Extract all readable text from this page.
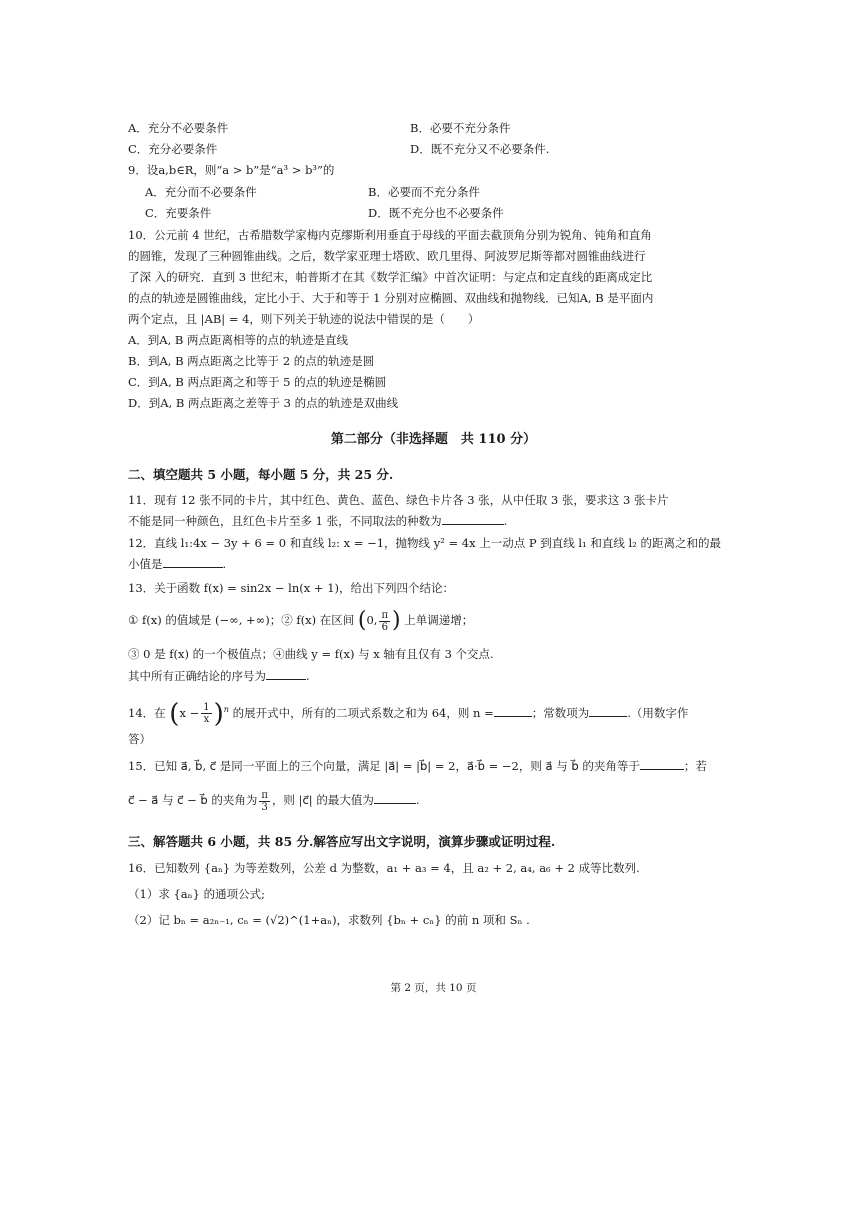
A．充分不必要条件	B．必要不充分条件
C．充分必要条件	D．既不充分又不必要条件.
9．设a,b∈R，则“a > b”是“a³ > b³”的
A．充分而不必要条件	B．必要而不充分条件
C．充要条件	D．既不充分也不必要条件
10．公元前 4 世纪，古希腊数学家梅内克缪斯利用垂直于母线的平面去截顶角分别为锐角、钝角和直角
的圆锥，发现了三种圆锥曲线。之后，数学家亚理士塔欧、欧几里得、阿波罗尼斯等都对圆锥曲线进行
了深 入的研究．直到 3 世纪末，帕普斯才在其《数学汇编》中首次证明：与定点和定直线的距离成定比
的点的轨迹是圆锥曲线，定比小于、大于和等于 1 分别对应椭圆、双曲线和抛物线．已知A, B 是平面内
两个定点，且 |AB| = 4，则下列关于轨迹的说法中错误的是（　　）
A．到A, B 两点距离相等的点的轨迹是直线
B．到A, B 两点距离之比等于 2 的点的轨迹是圆
C．到A, B 两点距离之和等于 5 的点的轨迹是椭圆
D．到A, B 两点距离之差等于 3 的点的轨迹是双曲线
第二部分（非选择题　共 110 分）
二、填空题共 5 小题，每小题 5 分，共 25 分.
11．现有 12 张不同的卡片，其中红色、黄色、蓝色、绿色卡片各 3 张，从中任取 3 张，要求这 3 张卡片
不能是同一种颜色，且红色卡片至多 1 张，不同取法的种数为	.
12．直线 l₁:4x − 3y + 6 = 0 和直线 l₂: x = −1，抛物线 y² = 4x 上一动点 P 到直线 l₁ 和直线 l₂ 的距离之和的最
小值是	.
13．关于函数 f(x) = sin2x − ln(x + 1)，给出下列四个结论：
① f(x) 的值域是 (−∞, +∞)；② f(x) 在区间 (0, $\frac{\pi}{6}$ ) 上单调递增；
③ 0 是 f(x) 的一个极值点；④曲线 y = f(x) 与 x 轴有且仅有 3 个交点.
其中所有正确结论的序号为	.
14．在 $(x - \frac{1}{x} )^n$ 的展开式中，所有的二项式系数之和为 64，则 n =	；常数项为	.（用数字作
答）
15．已知 a⃗, b⃗, c⃗ 是同一平面上的三个向量，满足 |a⃗| = |b⃗| = 2，a⃗·b⃗ = −2，则 a⃗ 与 b⃗ 的夹角等于	；若
c⃗ − a⃗ 与 c⃗ − b⃗ 的夹角为 $\frac{\pi}{3}$ ，则 |c⃗| 的最大值为	.
三、解答题共 6 小题，共 85 分.解答应写出文字说明，演算步骤或证明过程.
16．已知数列 {aₙ} 为等差数列，公差 d 为整数，a₁ + a₃ = 4，且 a₂ + 2, a₄, a₆ + 2 成等比数列.
（1）求 {aₙ} 的通项公式;
（2）记 bₙ = a₂ₙ₋₁, cₙ = (√2)^(1+aₙ)，求数列 {bₙ + cₙ} 的前 n 项和 Sₙ .
第 2 页，共 10 页
